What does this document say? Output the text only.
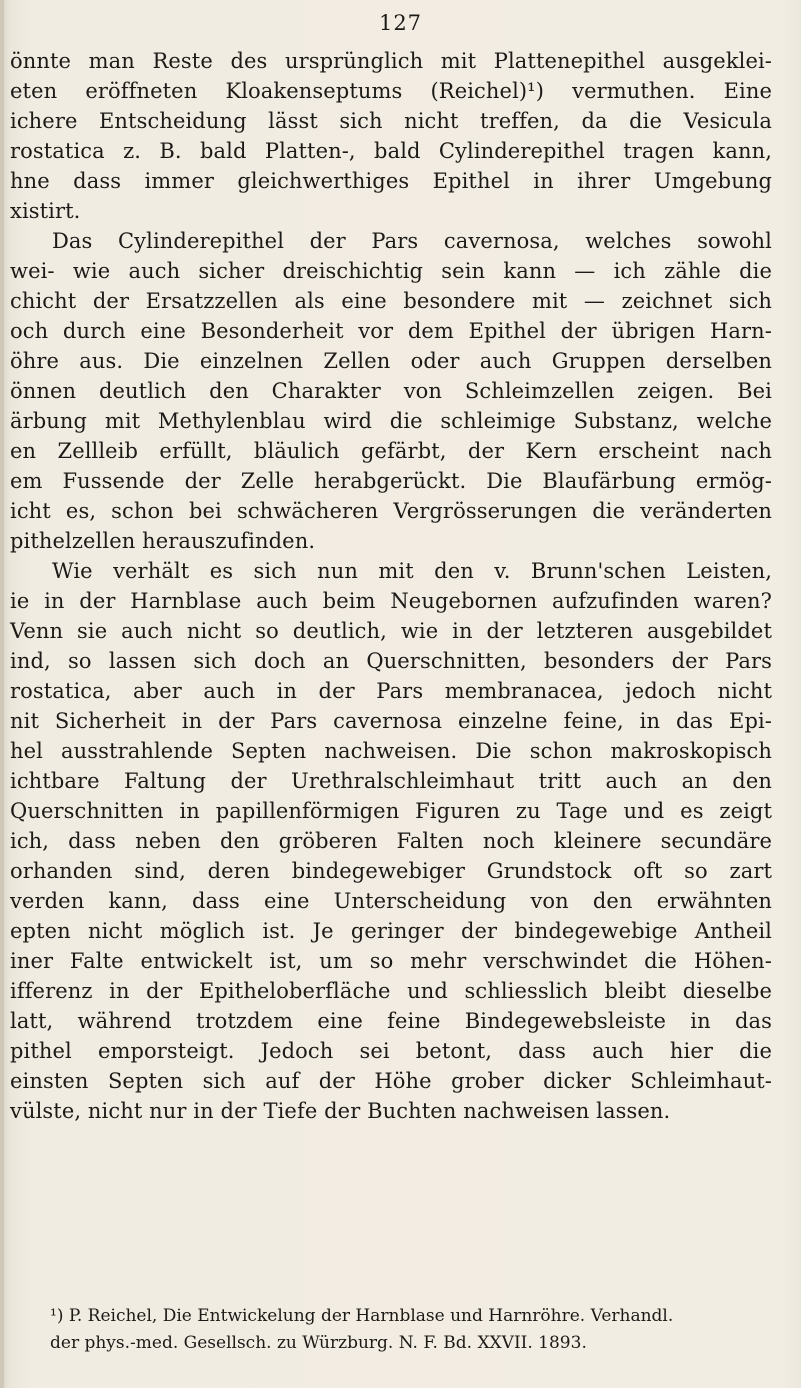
127
önnte man Reste des ursprünglich mit Plattenepithel ausgeklei-
eten eröffneten Kloakenseptums (Reichel)¹) vermuthen. Eine
ichere Entscheidung lässt sich nicht treffen, da die Vesicula
rostatica z. B. bald Platten-, bald Cylinderepithel tragen kann,
hne dass immer gleichwerthiges Epithel in ihrer Umgebung
xistirt.
Das Cylinderepithel der Pars cavernosa, welches sowohl
wei- wie auch sicher dreischichtig sein kann — ich zähle die
chicht der Ersatzzellen als eine besondere mit — zeichnet sich
och durch eine Besonderheit vor dem Epithel der übrigen Harn-
öhre aus. Die einzelnen Zellen oder auch Gruppen derselben
önnen deutlich den Charakter von Schleimzellen zeigen. Bei
ärbung mit Methylenblau wird die schleimige Substanz, welche
en Zellleib erfüllt, bläulich gefärbt, der Kern erscheint nach
em Fussende der Zelle herabgerückt. Die Blaufärbung ermög-
icht es, schon bei schwächeren Vergrösserungen die veränderten
pithelzellen herauszufinden.
Wie verhält es sich nun mit den v. Brunn'schen Leisten,
ie in der Harnblase auch beim Neugebornen aufzufinden waren?
Venn sie auch nicht so deutlich, wie in der letzteren ausgebildet
ind, so lassen sich doch an Querschnitten, besonders der Pars
rostatica, aber auch in der Pars membranacea, jedoch nicht
nit Sicherheit in der Pars cavernosa einzelne feine, in das Epi-
hel ausstrahlende Septen nachweisen. Die schon makroskopisch
ichtbare Faltung der Urethralschleimhaut tritt auch an den
Querschnitten in papillenförmigen Figuren zu Tage und es zeigt
ich, dass neben den gröberen Falten noch kleinere secundäre
orhanden sind, deren bindegewebiger Grundstock oft so zart
verden kann, dass eine Unterscheidung von den erwähnten
epten nicht möglich ist. Je geringer der bindegewebige Antheil
iner Falte entwickelt ist, um so mehr verschwindet die Höhen-
ifferenz in der Epitheloberfläche und schliesslich bleibt dieselbe
latt, während trotzdem eine feine Bindegewebsleiste in das
pithel emporsteigt. Jedoch sei betont, dass auch hier die
einsten Septen sich auf der Höhe grober dicker Schleimhaut-
vülste, nicht nur in der Tiefe der Buchten nachweisen lassen.
¹) P. Reichel, Die Entwickelung der Harnblase und Harnröhre. Verhandl.
der phys.-med. Gesellsch. zu Würzburg. N. F. Bd. XXVII. 1893.
